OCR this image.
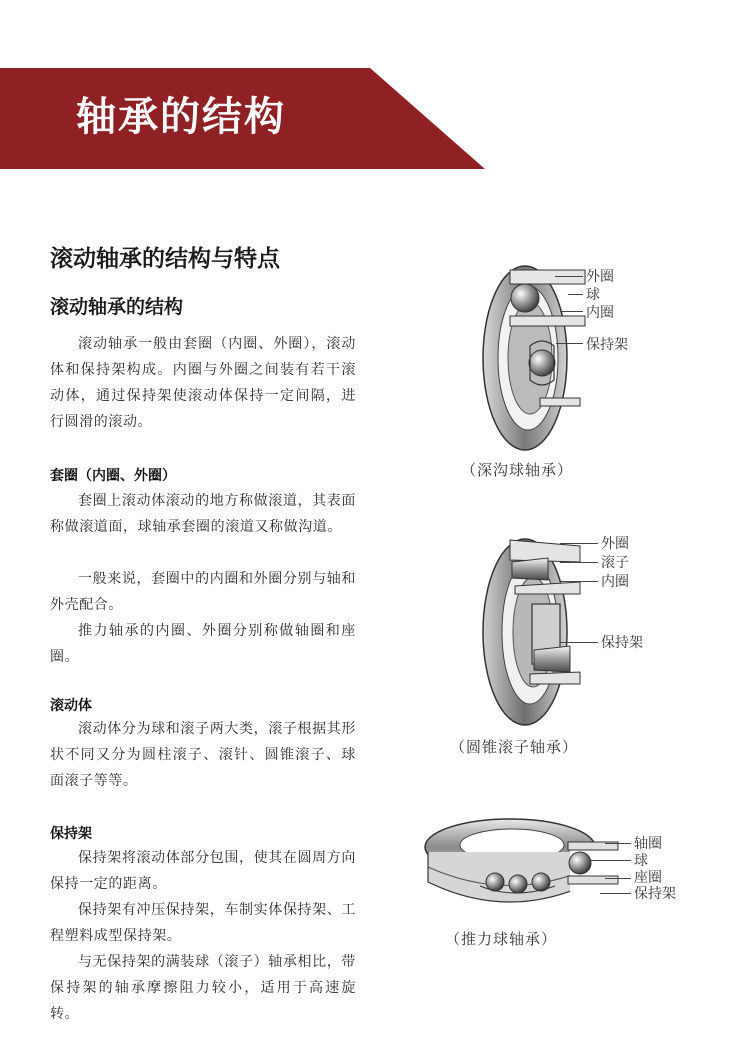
轴承的结构
滚动轴承的结构与特点
滚动轴承的结构

滚动轴承一般由套圈（内圈、外圈），滚动体和保持架构成。内圈与外圈之间装有若干滚动体，通过保持架使滚动体保持一定间隔，进行圆滑的滚动。

套圈（内圈、外圈）

套圈上滚动体滚动的地方称做滚道，其表面称做滚道面，球轴承套圈的滚道又称做沟道。

一般来说，套圈中的内圈和外圈分别与轴和外壳配合。

推力轴承的内圈、外圈分别称做轴圈和座圈。

滚动体

滚动体分为球和滚子两大类，滚子根据其形状不同又分为圆柱滚子、滚针、圆锥滚子、球面滚子等等。

保持架

保持架将滚动体部分包围，使其在圆周方向保持一定的距离。

保持架有冲压保持架，车制实体保持架、工程塑料成型保持架。

与无保持架的满装球（滚子）轴承相比，带保持架的轴承摩擦阻力较小，适用于高速旋转。

外圈
球
内圈
保持架
（深沟球轴承）
外圈
滚子
内圈
保持架
（圆锥滚子轴承）
轴圈
球
座圈
保持架
（推力球轴承）
